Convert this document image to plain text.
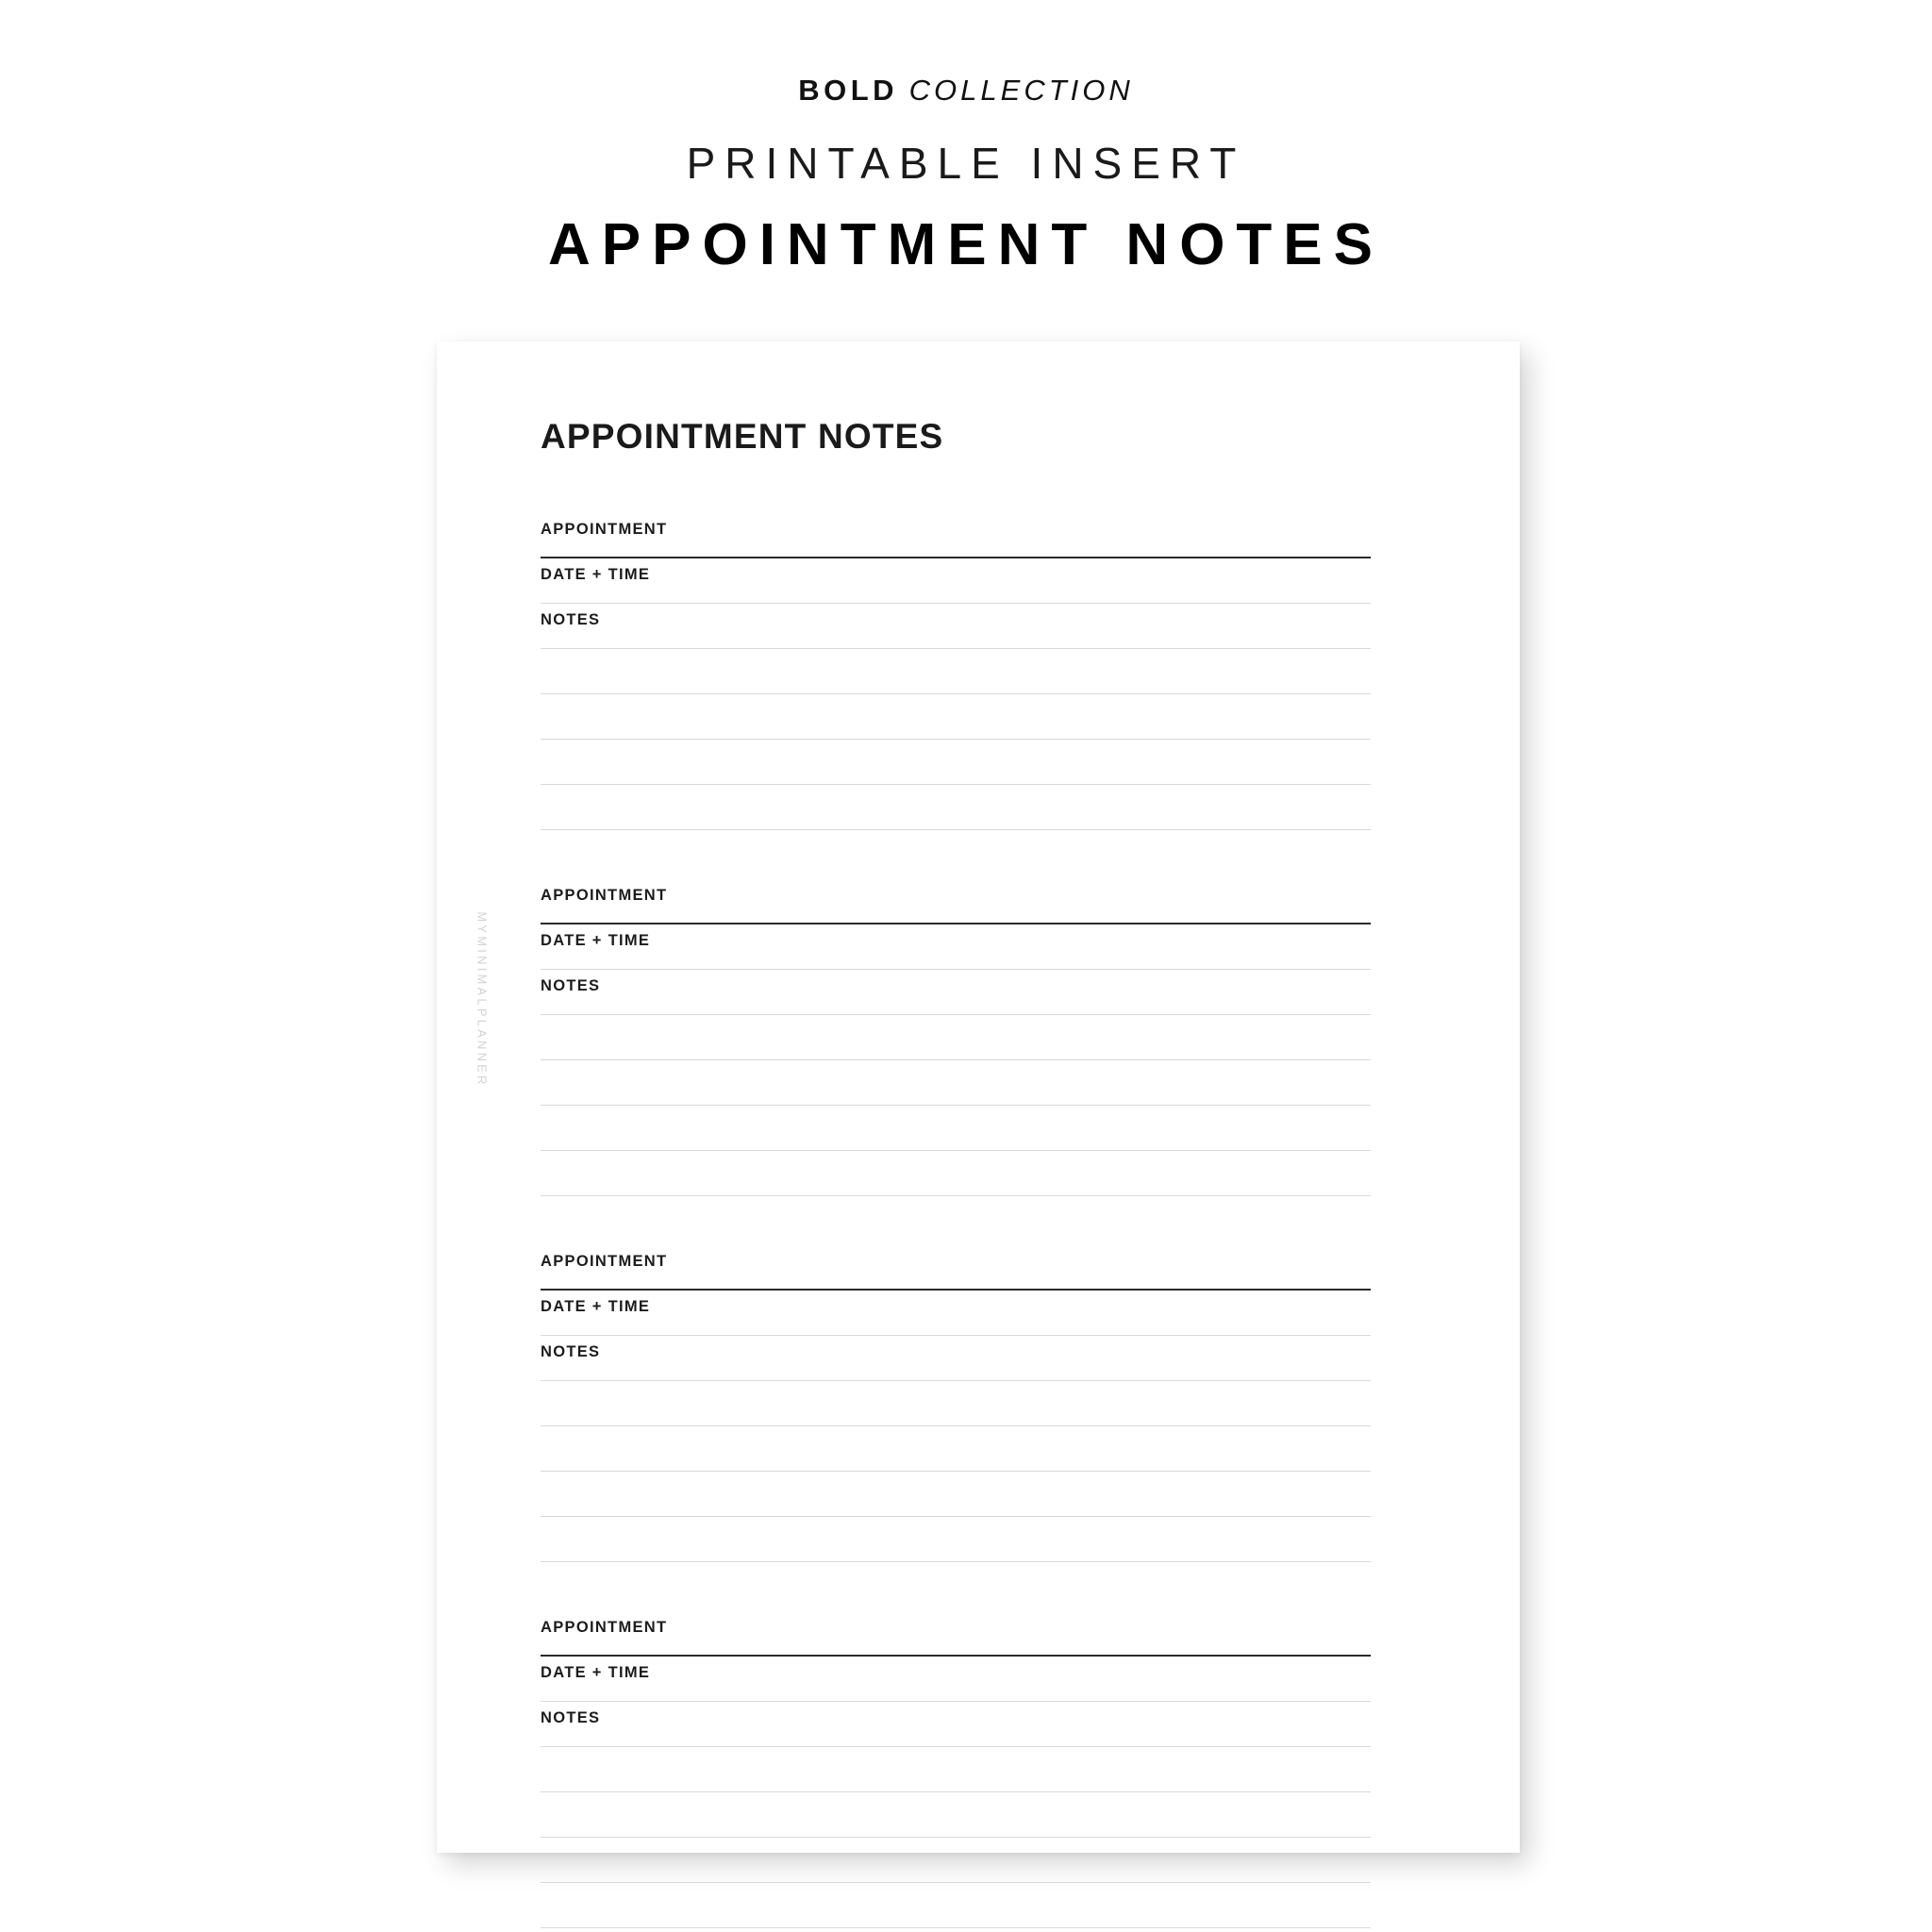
BOLD COLLECTION
PRINTABLE INSERT
APPOINTMENT NOTES
APPOINTMENT NOTES
APPOINTMENT
DATE + TIME
NOTES
APPOINTMENT
DATE + TIME
NOTES
APPOINTMENT
DATE + TIME
NOTES
APPOINTMENT
DATE + TIME
NOTES
MYMINIMALPLANNER
